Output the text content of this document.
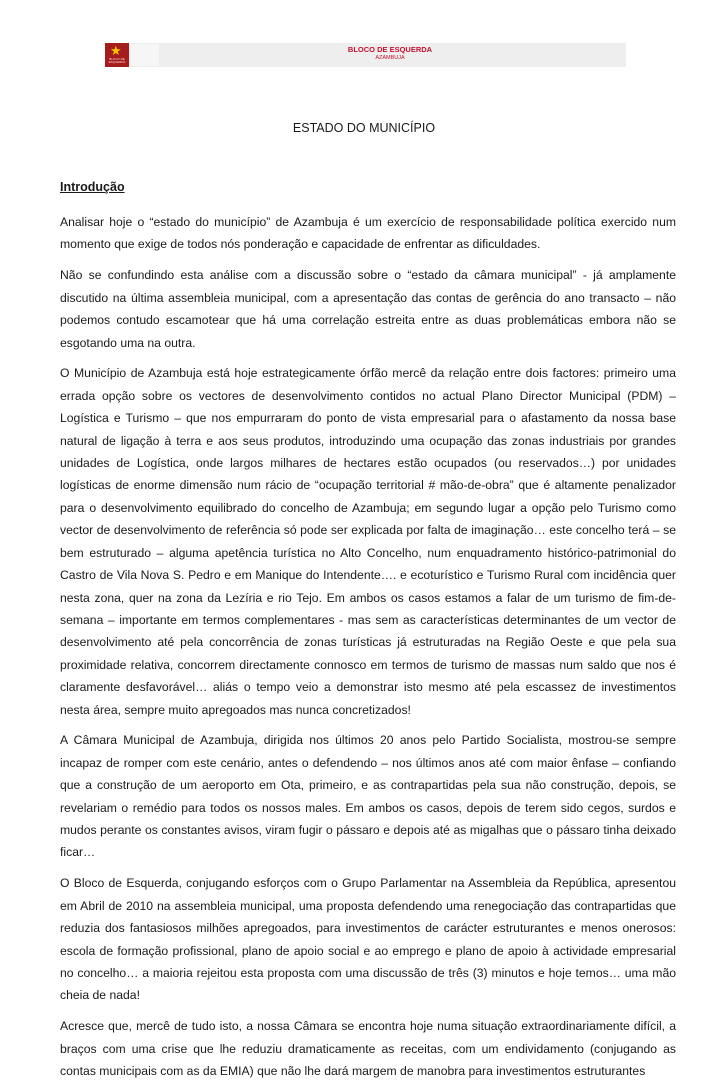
★
BLOCO DE ESQUERDA
BLOCO DE ESQUERDA
AZAMBUJA
ESTADO DO MUNICÍPIO
Introdução

Analisar hoje o “estado do município” de Azambuja é um exercício de responsabilidade política exercido num momento que exige de todos nós ponderação e capacidade de enfrentar as dificuldades.

Não se confundindo esta análise com a discussão sobre o “estado da câmara municipal” - já amplamente discutido na última assembleia municipal, com a apresentação das contas de gerência do ano transacto – não podemos contudo escamotear que há uma correlação estreita entre as duas problemáticas embora não se esgotando uma na outra.

O Município de Azambuja está hoje estrategicamente órfão mercê da relação entre dois factores: primeiro uma errada opção sobre os vectores de desenvolvimento contidos no actual Plano Director Municipal (PDM) – Logística e Turismo – que nos empurraram do ponto de vista empresarial para o afastamento da nossa base natural de ligação à terra e aos seus produtos, introduzindo uma ocupação das zonas industriais por grandes unidades de Logística, onde largos milhares de hectares estão ocupados (ou reservados…) por unidades logísticas de enorme dimensão num rácio de “ocupação territorial # mão-de-obra” que é altamente penalizador para o desenvolvimento equilibrado do concelho de Azambuja; em segundo lugar a opção pelo Turismo como vector de desenvolvimento de referência só pode ser explicada por falta de imaginação… este concelho terá – se bem estruturado – alguma apetência turística no Alto Concelho, num enquadramento histórico-patrimonial do Castro de Vila Nova S. Pedro e em Manique do Intendente…. e ecoturístico e Turismo Rural com incidência quer nesta zona, quer na zona da Lezíria e rio Tejo. Em ambos os casos estamos a falar de um turismo de fim-de-semana – importante em termos complementares - mas sem as características determinantes de um vector de desenvolvimento até pela concorrência de zonas turísticas já estruturadas na Região Oeste e que pela sua proximidade relativa, concorrem directamente connosco em termos de turismo de massas num saldo que nos é claramente desfavorável… aliás o tempo veio a demonstrar isto mesmo até pela escassez de investimentos nesta área, sempre muito apregoados mas nunca concretizados!

A Câmara Municipal de Azambuja, dirigida nos últimos 20 anos pelo Partido Socialista, mostrou-se sempre incapaz de romper com este cenário, antes o defendendo – nos últimos anos até com maior ênfase – confiando que a construção de um aeroporto em Ota, primeiro, e as contrapartidas pela sua não construção, depois, se revelariam o remédio para todos os nossos males. Em ambos os casos, depois de terem sido cegos, surdos e mudos perante os constantes avisos, viram fugir o pássaro e depois até as migalhas que o pássaro tinha deixado ficar…

O Bloco de Esquerda, conjugando esforços com o Grupo Parlamentar na Assembleia da República, apresentou em Abril de 2010 na assembleia municipal, uma proposta defendendo uma renegociação das contrapartidas que reduzia dos fantasiosos milhões apregoados, para investimentos de carácter estruturantes e menos onerosos: escola de formação profissional, plano de apoio social e ao emprego e plano de apoio à actividade empresarial no concelho… a maioria rejeitou esta proposta com uma discussão de três (3) minutos e hoje temos… uma mão cheia de nada!

Acresce que, mercê de tudo isto, a nossa Câmara se encontra hoje numa situação extraordinariamente difícil, a braços com uma crise que lhe reduziu dramaticamente as receitas, com um endividamento (conjugando as contas municipais com as da EMIA) que não lhe dará margem de manobra para investimentos estruturantes
